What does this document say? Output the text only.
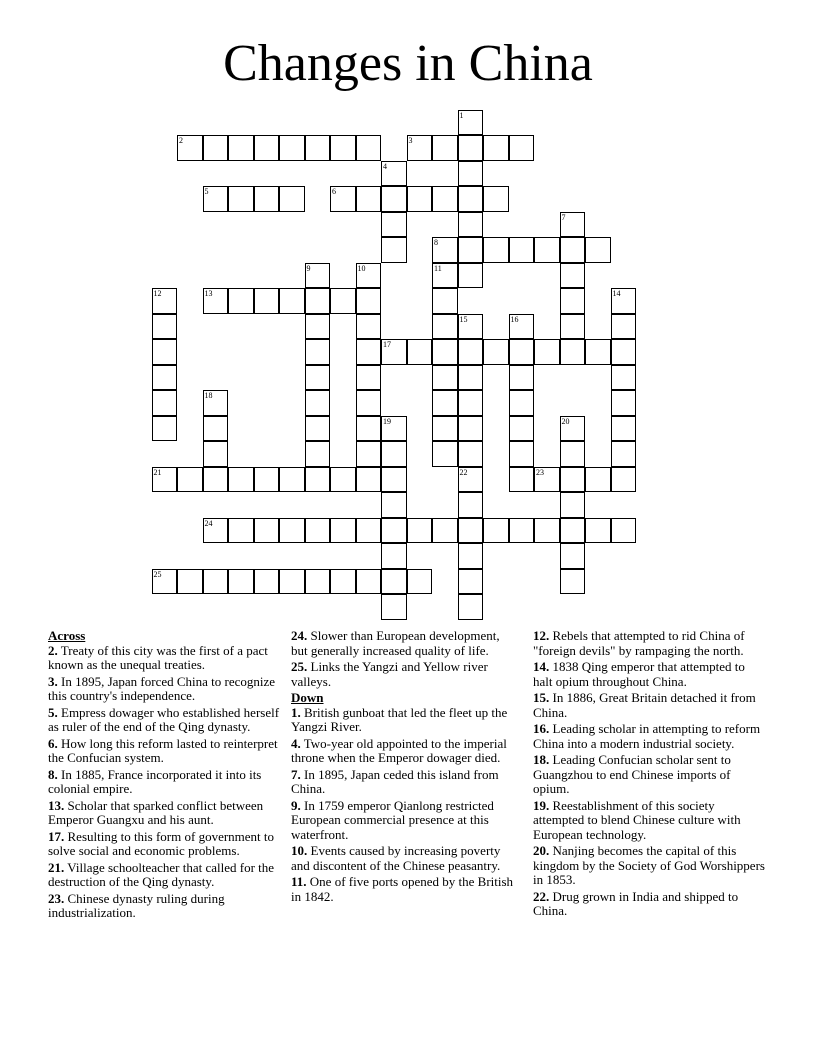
Changes in China
1
2	3
4
5	6
7
8
9	10	11
12	13	14
15	16
17
18
19	20
21	22	23
24
25
Across
2. Treaty of this city was the first of a pact known as the unequal treaties.
3. In 1895, Japan forced China to recognize this country's independence.
5. Empress dowager who established herself as ruler of the end of the Qing dynasty.
6. How long this reform lasted to reinterpret the Confucian system.
8. In 1885, France incorporated it into its colonial empire.
13. Scholar that sparked conflict between Emperor Guangxu and his aunt.
17. Resulting to this form of government to solve social and economic problems.
21. Village schoolteacher that called for the destruction of the Qing dynasty.
23. Chinese dynasty ruling during industrialization.
24. Slower than European development, but generally increased quality of life.
25. Links the Yangzi and Yellow river valleys.
Down
1. British gunboat that led the fleet up the Yangzi River.
4. Two-year old appointed to the imperial throne when the Emperor dowager died.
7. In 1895, Japan ceded this island from China.
9. In 1759 emperor Qianlong restricted European commercial presence at this waterfront.
10. Events caused by increasing poverty and discontent of the Chinese peasantry.
11. One of five ports opened by the British in 1842.
12. Rebels that attempted to rid China of "foreign devils" by rampaging the north.
14. 1838 Qing emperor that attempted to halt opium throughout China.
15. In 1886, Great Britain detached it from China.
16. Leading scholar in attempting to reform China into a modern industrial society.
18. Leading Confucian scholar sent to Guangzhou to end Chinese imports of opium.
19. Reestablishment of this society attempted to blend Chinese culture with European technology.
20. Nanjing becomes the capital of this kingdom by the Society of God Worshippers in 1853.
22. Drug grown in India and shipped to China.
